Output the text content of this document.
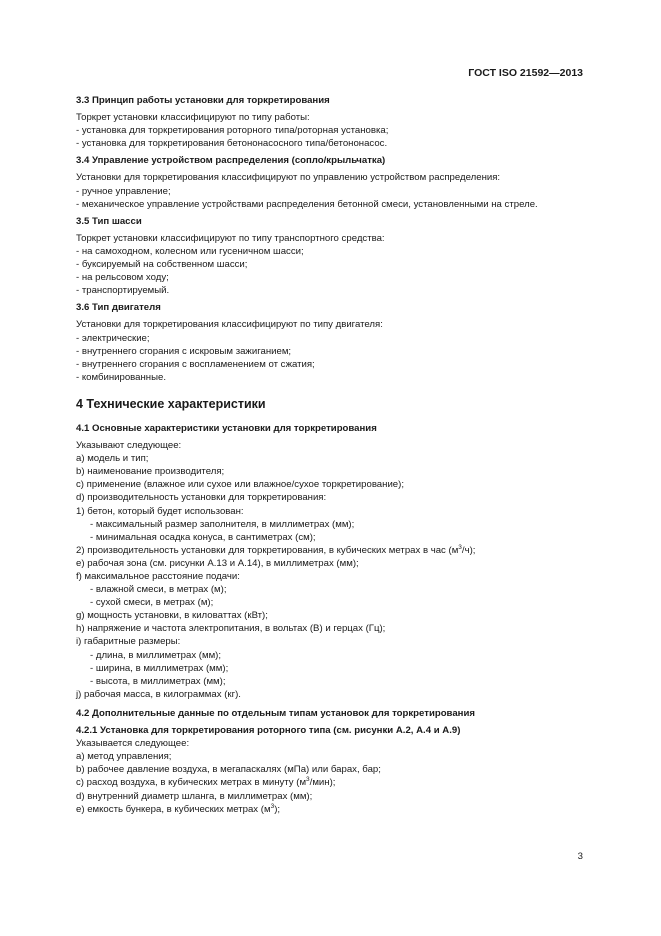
ГОСТ ISO 21592—2013
3.3 Принцип работы установки для торкретирования
Торкрет установки классифицируют по типу работы:
- установка для торкретирования роторного типа/роторная установка;
- установка для торкретирования бетононасосного типа/бетононасос.
3.4 Управление устройством распределения (сопло/крыльчатка)
Установки для торкретирования классифицируют по управлению устройством распределения:
- ручное управление;
- механическое управление устройствами распределения бетонной смеси, установленными на стреле.
3.5 Тип шасси
Торкрет установки классифицируют по типу транспортного средства:
- на самоходном, колесном или гусеничном шасси;
- буксируемый на собственном шасси;
- на рельсовом ходу;
- транспортируемый.
3.6 Тип двигателя
Установки для торкретирования классифицируют по типу двигателя:
- электрические;
- внутреннего сгорания с искровым зажиганием;
- внутреннего сгорания с воспламенением от сжатия;
- комбинированные.
4 Технические характеристики
4.1 Основные характеристики установки для торкретирования
Указывают следующее:
a) модель и тип;
b) наименование производителя;
c) применение (влажное или сухое или влажное/сухое торкретирование);
d) производительность установки для торкретирования:
1) бетон, который будет использован:
- максимальный размер заполнителя, в миллиметрах (мм);
- минимальная осадка конуса, в сантиметрах (см);
2) производительность установки для торкретирования, в кубических метрах в час $(м^3/ч)$;
e) рабочая зона (см. рисунки А.13 и А.14), в миллиметрах (мм);
f) максимальное расстояние подачи:
- влажной смеси, в метрах (м);
- сухой смеси, в метрах (м);
g) мощность установки, в киловаттах (кВт);
h) напряжение и частота электропитания, в вольтах (В) и герцах (Гц);
i) габаритные размеры:
- длина, в миллиметрах (мм);
- ширина, в миллиметрах (мм);
- высота, в миллиметрах (мм);
j) рабочая масса, в килограммах (кг).
4.2 Дополнительные данные по отдельным типам установок для торкретирования
4.2.1 Установка для торкретирования роторного типа (см. рисунки А.2, А.4 и А.9)
Указывается следующее:
a) метод управления;
b) рабочее давление воздуха, в мегапаскалях (мПа) или барах, бар;
c) расход воздуха, в кубических метрах в минуту $(м^3/мин)$;
d) внутренний диаметр шланга, в миллиметрах (мм);
e) емкость бункера, в кубических метрах $(м^3)$;
3
